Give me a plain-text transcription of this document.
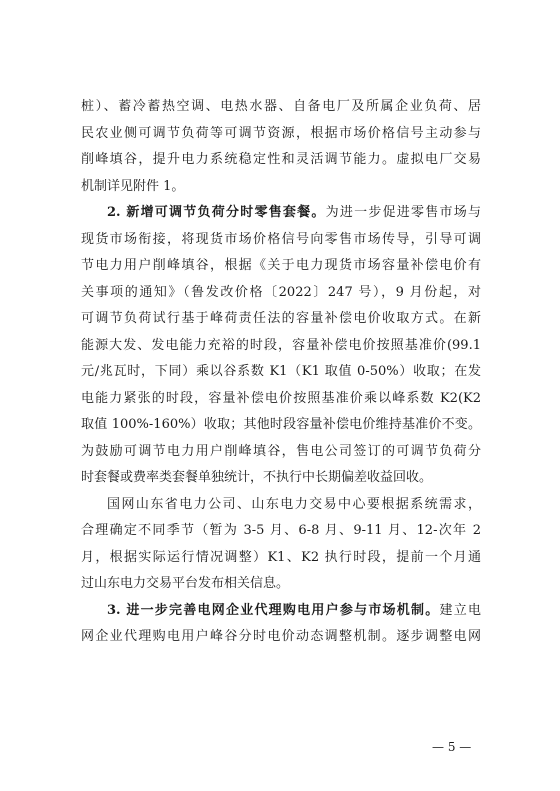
桩）、蓄冷蓄热空调、电热水器、自备电厂及所属企业负荷、居

民农业侧可调节负荷等可调节资源，根据市场价格信号主动参与

削峰填谷，提升电力系统稳定性和灵活调节能力。虚拟电厂交易

机制详见附件 1。

2. 新增可调节负荷分时零售套餐。为进一步促进零售市场与

现货市场衔接，将现货市场价格信号向零售市场传导，引导可调

节电力用户削峰填谷，根据《关于电力现货市场容量补偿电价有

关事项的通知》（鲁发改价格〔2022〕247 号），9 月份起，对

可调节负荷试行基于峰荷责任法的容量补偿电价收取方式。在新

能源大发、发电能力充裕的时段，容量补偿电价按照基准价(99.1

元/兆瓦时，下同）乘以谷系数 K1（K1 取值 0-50%）收取；在发

电能力紧张的时段，容量补偿电价按照基准价乘以峰系数 K2(K2

取值 100%-160%）收取；其他时段容量补偿电价维持基准价不变。

为鼓励可调节电力用户削峰填谷，售电公司签订的可调节负荷分

时套餐或费率类套餐单独统计，不执行中长期偏差收益回收。

国网山东省电力公司、山东电力交易中心要根据系统需求，

合理确定不同季节（暂为 3-5 月、6-8 月、9-11 月、12-次年 2

月，根据实际运行情况调整）K1、K2 执行时段，提前一个月通

过山东电力交易平台发布相关信息。

3. 进一步完善电网企业代理购电用户参与市场机制。建立电

网企业代理购电用户峰谷分时电价动态调整机制。逐步调整电网

— 5 —
